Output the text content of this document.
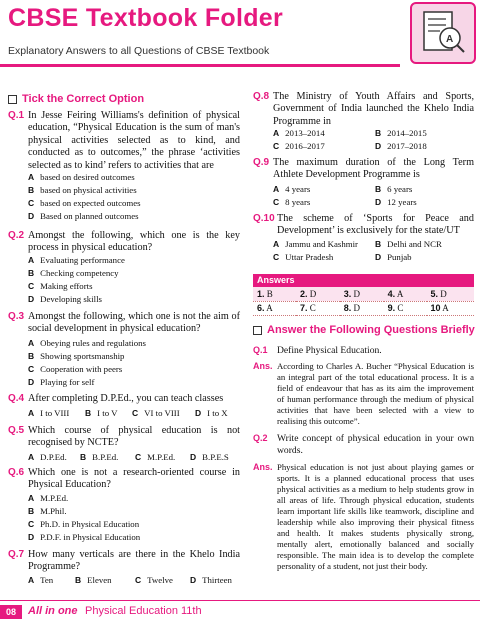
CBSE Textbook Folder
Explanatory Answers to all Questions of CBSE Textbook
A
Tick the Correct Option
Q.1 In Jesse Feiring Williams's definition of physical education, “Physical Education is the sum of man's physical activities selected as to kind, and conducted as to outcomes,” the phrase ‘activities selected as to kind’ refers to activities that are
A based on desired outcomes
B based on physical activities
C based on expected outcomes
D Based on planned outcomes
Q.2 Amongst the following, which one is the key process in physical education?
A Evaluating performance
B Checking competency
C Making efforts
D Developing skills
Q.3 Amongst the following, which one is not the aim of social development in physical education?
A Obeying rules and regulations
B Showing sportsmanship
C Cooperation with peers
D Playing for self
Q.4 After completing D.P.Ed., you can teach classes
A I to VIII B I to V C VI to VIII D I to X
Q.5 Which course of physical education is not recognised by NCTE?
A D.P.Ed. B B.P.Ed. C M.P.Ed. D B.P.E.S
Q.6 Which one is not a research-oriented course in Physical Education?
A M.P.Ed.
B M.Phil.
C Ph.D. in Physical Education
D P.D.F. in Physical Education
Q.7 How many verticals are there in the Khelo India Programme?
A Ten	B Eleven	C Twelve D Thirteen
Q.8 The Ministry of Youth Affairs and Sports, Government of India launched the Khelo India Programme in
A 2013–2014	B 2014–2015
C 2016–2017	D 2017–2018
Q.9 The maximum duration of the Long Term Athlete Development Programme is
A 4 years	B 6 years
C 8 years	D 12 years
Q.10 The scheme of ‘Sports for Peace and Development’ is exclusively for the state/UT
A Jammu and Kashmir B Delhi and NCR
C Uttar Pradesh	D Punjab
Answers
1. B	2. D	3. D	4. A	5. D
6. A	7. C	8. D	9. C	10 A
Answer the Following Questions Briefly
Q.1 Define Physical Education.
Ans. According to Charles A. Bucher “Physical Education is an integral part of the total educational process. It is a field of endeavour that has as its aim the improvement of human performance through the medium of physical activities that have been selected with a view to realising this outcome”.
Q.2 Write concept of physical education in your own words.
Ans. Physical education is not just about playing games or sports. It is a planned educational process that uses physical activities as a medium to help students grow in all areas of life. Through physical education, students learn important life skills like teamwork, discipline and leadership while also improving their physical fitness and health. It makes students physically strong, mentally alert, emotionally balanced and socially responsible. The main idea is to develop the complete personality of a student, not just their body.
08	All in one Physical Education 11th
